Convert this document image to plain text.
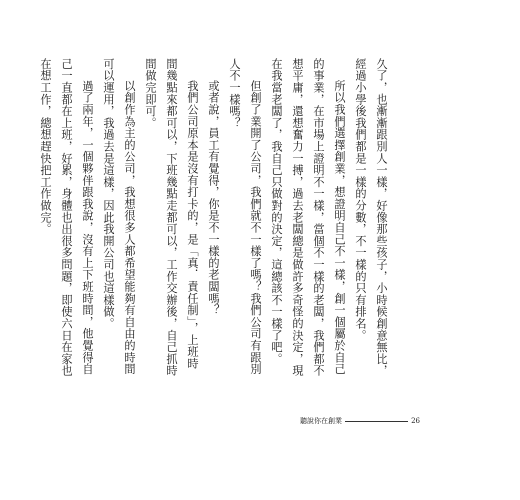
久了，也漸漸跟別人一樣，好像那些孩子，小時候創意無比，經過小學後我們都是一樣的分數，不一樣的只有排名。

所以我們選擇創業，想證明自己不一樣，創一個屬於自己的事業，在市場上證明不一樣，當個不一樣的老闆，我們都不想平庸，還想奮力一搏，過去老闆總是做許多奇怪的決定，現在我當老闆了，我自己只做對的決定，這總該不一樣了吧。

但創了業開了公司，我們就不一樣了嗎？我們公司有跟別人不一樣嗎？

或者說，員工有覺得，你是不一樣的老闆嗎？

我們公司原本是沒有打卡的，是「真．責任制」，上班時間幾點來都可以，下班幾點走都可以，工作交辦後，自己抓時間做完即可。

以創作為主的公司，我想很多人都希望能夠有自由的時間可以運用，我過去是這樣，因此我開公司也這樣做。

過了兩年，一個夥伴跟我說，沒有上下班時間，他覺得自己一直都在上班，好累，身體也出很多問題，即使六日在家也在想工作，總想趕快把工作做完。

聽說你在創業	26
